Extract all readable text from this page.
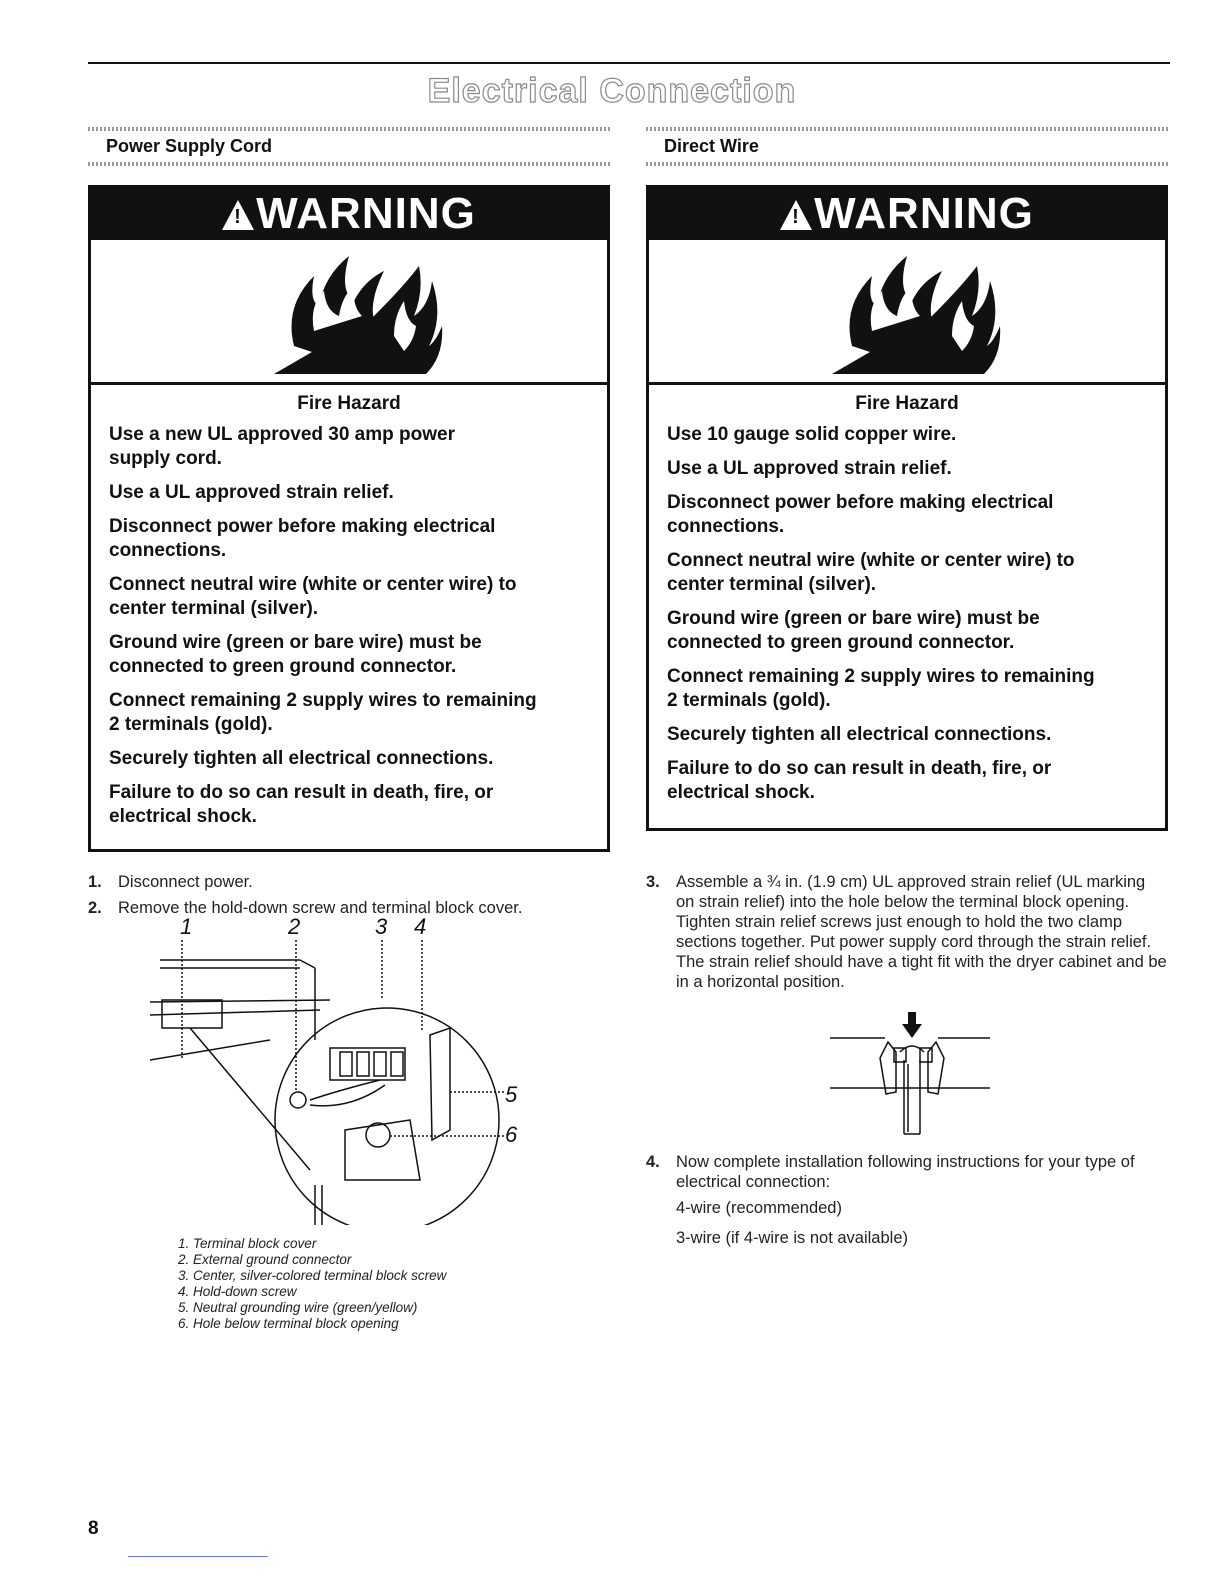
Electrical Connection
Power Supply Cord	Direct Wire
!WARNING
Fire Hazard
Use a new UL approved 30 amp power
supply cord.
Use a UL approved strain relief.
Disconnect power before making electrical
connections.
Connect neutral wire (white or center wire) to
center terminal (silver).
Ground wire (green or bare wire) must be
connected to green ground connector.
Connect remaining 2 supply wires to remaining
2 terminals (gold).
Securely tighten all electrical connections.
Failure to do so can result in death, fire, or
electrical shock.
!WARNING
Fire Hazard
Use 10 gauge solid copper wire.
Use a UL approved strain relief.
Disconnect power before making electrical
connections.
Connect neutral wire (white or center wire) to
center terminal (silver).
Ground wire (green or bare wire) must be
connected to green ground connector.
Connect remaining 2 supply wires to remaining
2 terminals (gold).
Securely tighten all electrical connections.
Failure to do so can result in death, fire, or
electrical shock.
1. Disconnect power.
2. Remove the hold-down screw and terminal block cover.
1	2	3 4
5
6
1. Terminal block cover
2. External ground connector
3. Center, silver-colored terminal block screw
4. Hold-down screw
5. Neutral grounding wire (green/yellow)
6. Hole below terminal block opening
3. Assemble a ¾ in. (1.9 cm) UL approved strain relief (UL marking on strain relief) into the hole below the terminal block opening. Tighten strain relief screws just enough to hold the two clamp sections together. Put power supply cord through the strain relief. The strain relief should have a tight fit with the dryer cabinet and be in a horizontal position.
4. Now complete installation following instructions for your type of electrical connection:
4-wire (recommended)
3-wire (if 4-wire is not available)
8
